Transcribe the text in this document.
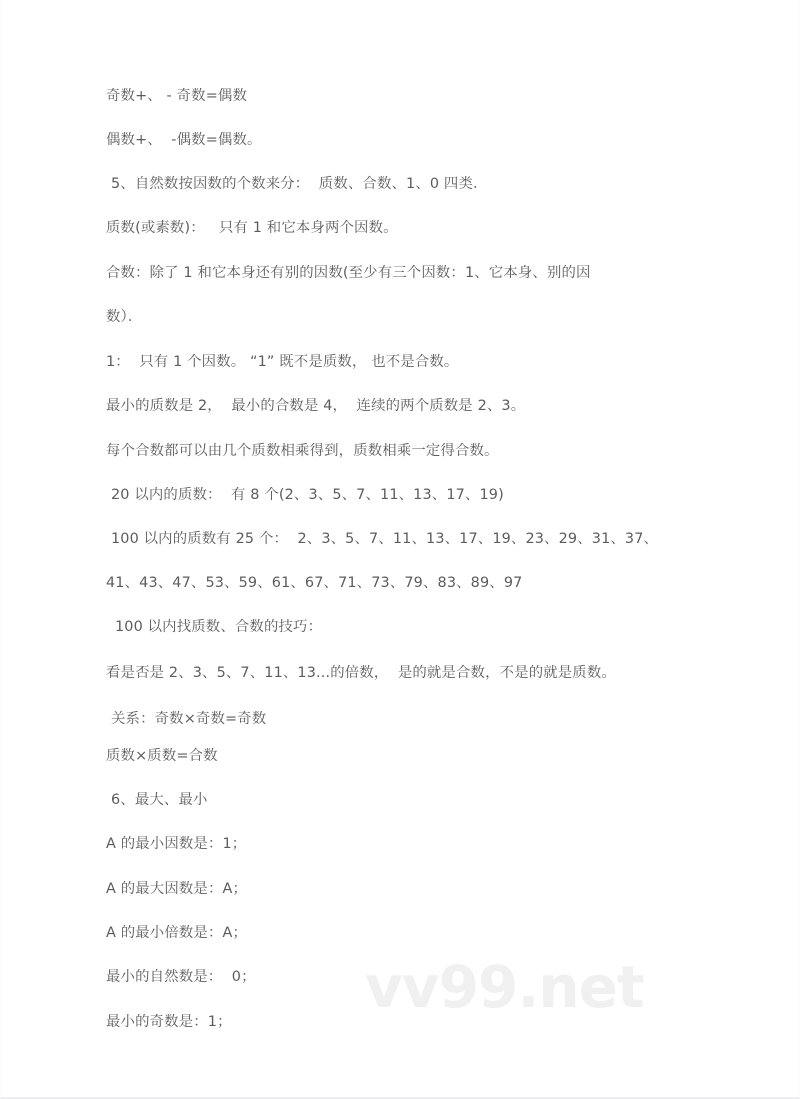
vv99.net
奇数+、 - 奇数=偶数
偶数+、  -偶数=偶数。
5、自然数按因数的个数来分：  质数、合数、1、0 四类．
质数(或素数)：   只有 1 和它本身两个因数。
合数：除了 1 和它本身还有别的因数(至少有三个因数：1、它本身、别的因
数）．
1：  只有 1 个因数。 “1” 既不是质数， 也不是合数。
最小的质数是 2，  最小的合数是 4，  连续的两个质数是 2、3。
每个合数都可以由几个质数相乘得到，质数相乘一定得合数。
20 以内的质数：  有 8 个(2、3、5、7、11、13、17、19)
100 以内的质数有 25 个：  2、3、5、7、11、13、17、19、23、29、31、37、
41、43、47、53、59、61、67、71、73、79、83、89、97
100 以内找质数、合数的技巧：
看是否是 2、3、5、7、11、13...的倍数，  是的就是合数，不是的就是质数。
关系：奇数×奇数=奇数
质数×质数=合数
6、最大、最小
A 的最小因数是：1；
A 的最大因数是：A；
A 的最小倍数是：A；
最小的自然数是：  0；
最小的奇数是：1；
